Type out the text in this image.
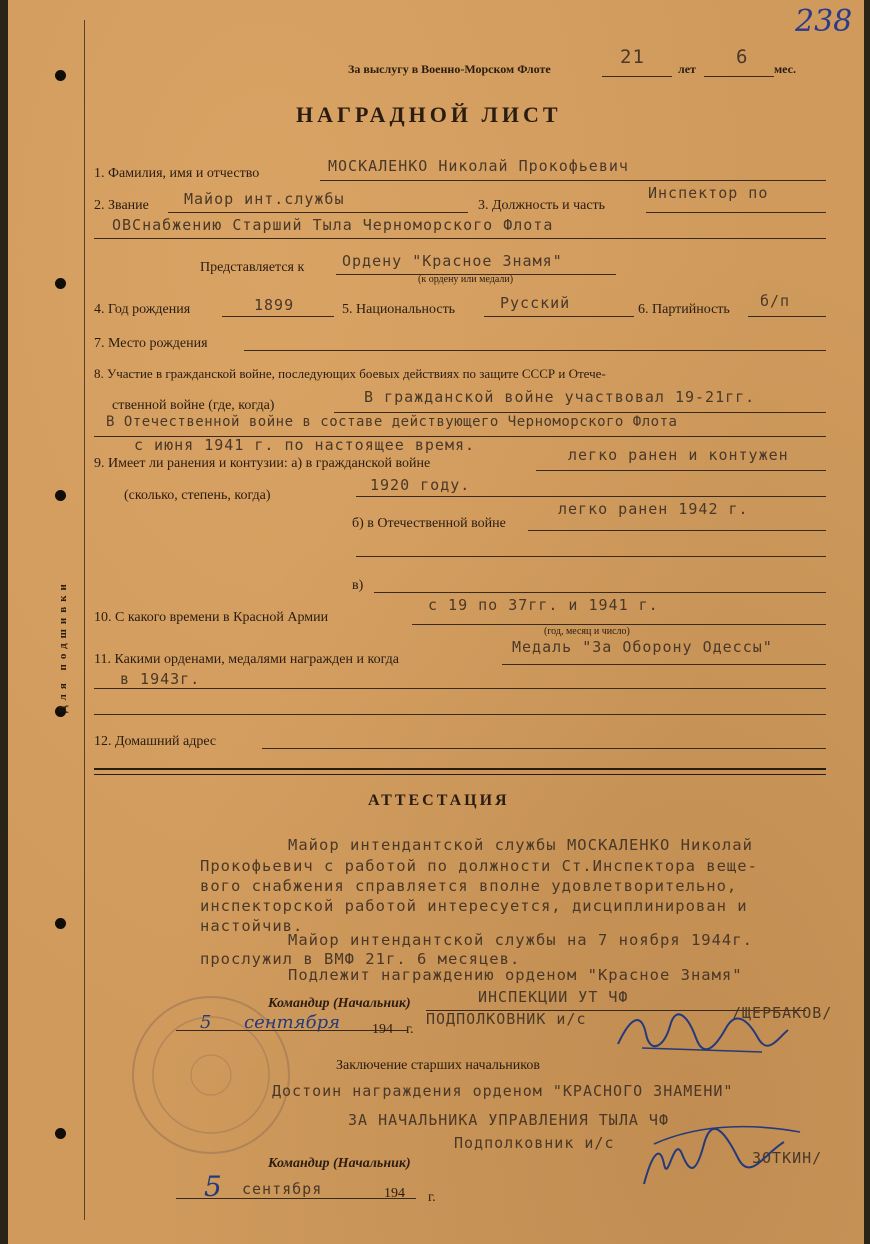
Для подшивки
238
За выслугу в Военно-Морском Флоте
21
лет
6
мес.
НАГРАДНОЙ ЛИСТ
1. Фамилия, имя и отчество	МОСКАЛЕНКО Николай Прокофьевич
2. Звание Майор инт.службы	3. Должность и часть
Инспектор по
ОВСнабжению Старший Тыла Черноморского Флота
Представляется к	Ордену "Красное Знамя"
(к ордену или медали)
4. Год рождения	1899	5. Национальность	Русский	6. Партийность б/п
7. Место рождения
8. Участие в гражданской войне, последующих боевых действиях по защите СССР и Отече-
ственной войне (где, когда)	В гражданской войне участвовал 19-21гг.
В Отечественной войне в составе действующего Черноморского Флота
с июня 1941 г. по настоящее время.
9. Имеет ли ранения и контузии: а) в гражданской войне	легко ранен и контужен
(сколько, степень, когда)
1920 году.
б) в Отечественной войне
легко ранен 1942 г.
в)
10. С какого времени в Красной Армии
с 19 по 37гг. и 1941 г.
(год, месяц и число)
11. Какими орденами, медалями награжден и когда
Медаль "За Оборону Одессы"
в 1943г.
12. Домашний адрес
АТТЕСТАЦИЯ
Майор интендантской службы МОСКАЛЕНКО Николай
Прокофьевич с работой по должности Ст.Инспектора веще-
вого снабжения справляется вполне удовлетворительно,
инспекторской работой интересуется, дисциплинирован и
настойчив.
Майор интендантской службы на 7 ноября 1944г.
прослужил в ВМФ 21г. 6 месяцев.
Подлежит награждению орденом "Красное Знамя"
Командир (Начальник)	ИНСПЕКЦИИ УТ ЧФ
ПОДПОЛКОВНИК и/с	/ЩЕРБАКОВ/
5 сентября 194 г.
Заключение старших начальников
Достоин награждения орденом "КРАСНОГО ЗНАМЕНИ"
ЗА НАЧАЛЬНИКА УПРАВЛЕНИЯ ТЫЛА ЧФ
Подполковник и/с
ЗОТКИН/
Командир (Начальник)
5 сентября	194 г.
